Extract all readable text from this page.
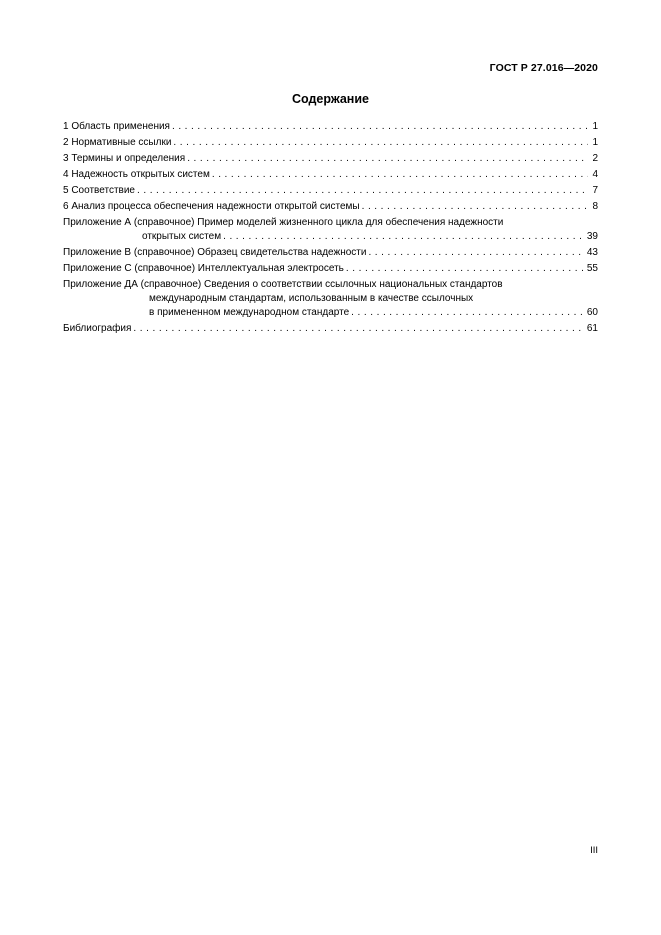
ГОСТ Р 27.016—2020
Содержание
1 Область применения . . .	1
2 Нормативные ссылки . . .	1
3 Термины и определения . . .	2
4 Надежность открытых систем . . .	4
5 Соответствие . . .	7
6 Анализ процесса обеспечения надежности открытой системы . . .	8
Приложение А (справочное) Пример моделей жизненного цикла для обеспечения надежности
открытых систем . . .	39
Приложение В (справочное) Образец свидетельства надежности . . .	43
Приложение С (справочное) Интеллектуальная электросеть . . .	55
Приложение ДА (справочное) Сведения о соответствии ссылочных национальных стандартов
международным стандартам, использованным в качестве ссылочных
в примененном международном стандарте . . .	60
Библиография . . .	61
III
